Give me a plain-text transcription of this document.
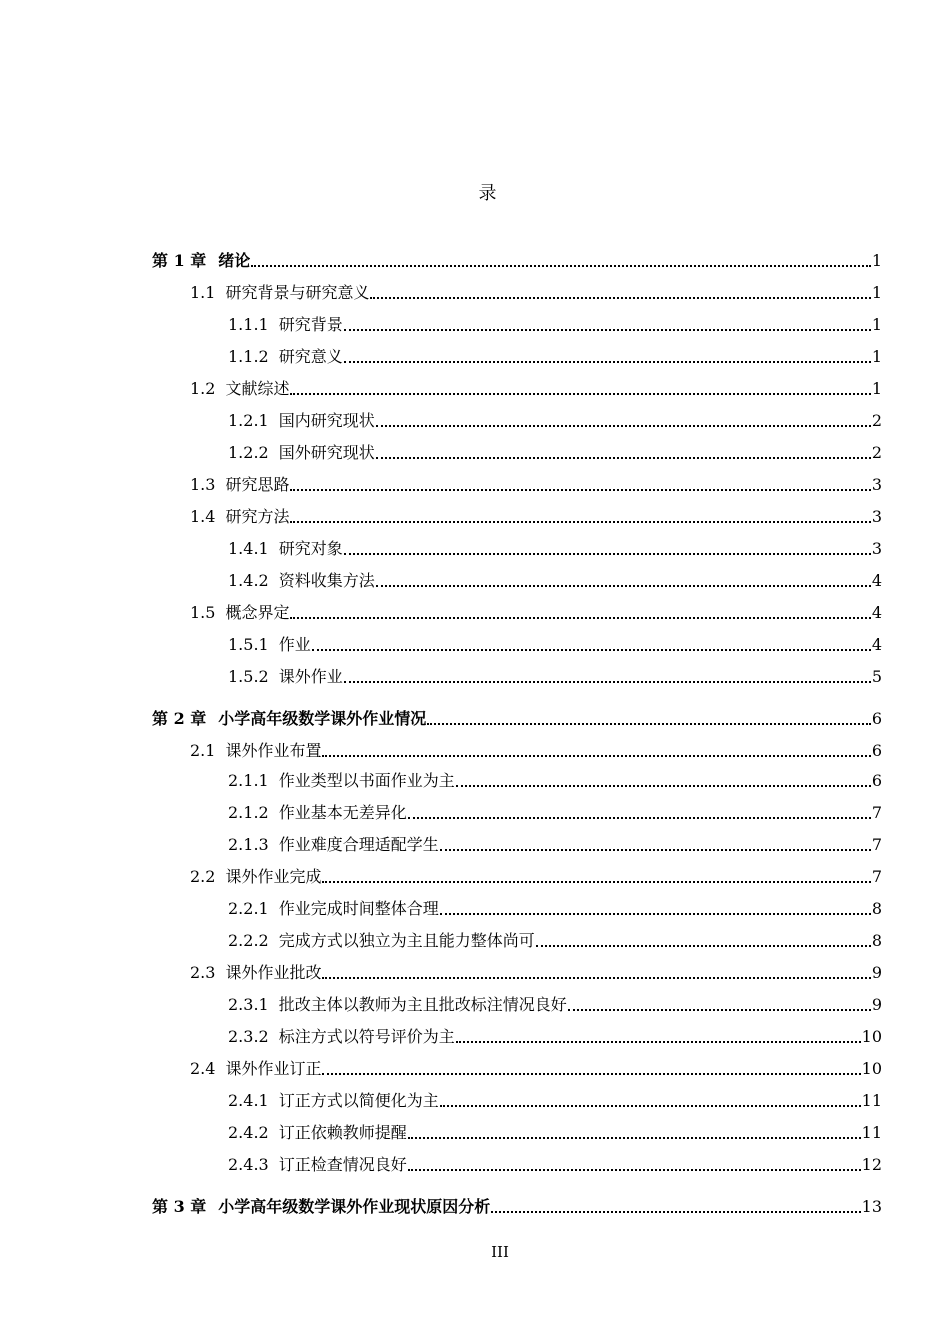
录
第 1 章 绪论	1
1.1 研究背景与研究意义	1
1.1.1 研究背景	1
1.1.2 研究意义	1
1.2 文献综述	1
1.2.1 国内研究现状	2
1.2.2 国外研究现状	2
1.3 研究思路	3
1.4 研究方法	3
1.4.1 研究对象	3
1.4.2 资料收集方法	4
1.5 概念界定	4
1.5.1 作业	4
1.5.2 课外作业	5
第 2 章 小学高年级数学课外作业情况	6
2.1 课外作业布置	6
2.1.1 作业类型以书面作业为主	6
2.1.2 作业基本无差异化	7
2.1.3 作业难度合理适配学生	7
2.2 课外作业完成	7
2.2.1 作业完成时间整体合理	8
2.2.2 完成方式以独立为主且能力整体尚可	8
2.3 课外作业批改	9
2.3.1 批改主体以教师为主且批改标注情况良好	9
2.3.2 标注方式以符号评价为主	10
2.4 课外作业订正	10
2.4.1 订正方式以简便化为主	11
2.4.2 订正依赖教师提醒	11
2.4.3 订正检查情况良好	12
第 3 章 小学高年级数学课外作业现状原因分析	13
III
